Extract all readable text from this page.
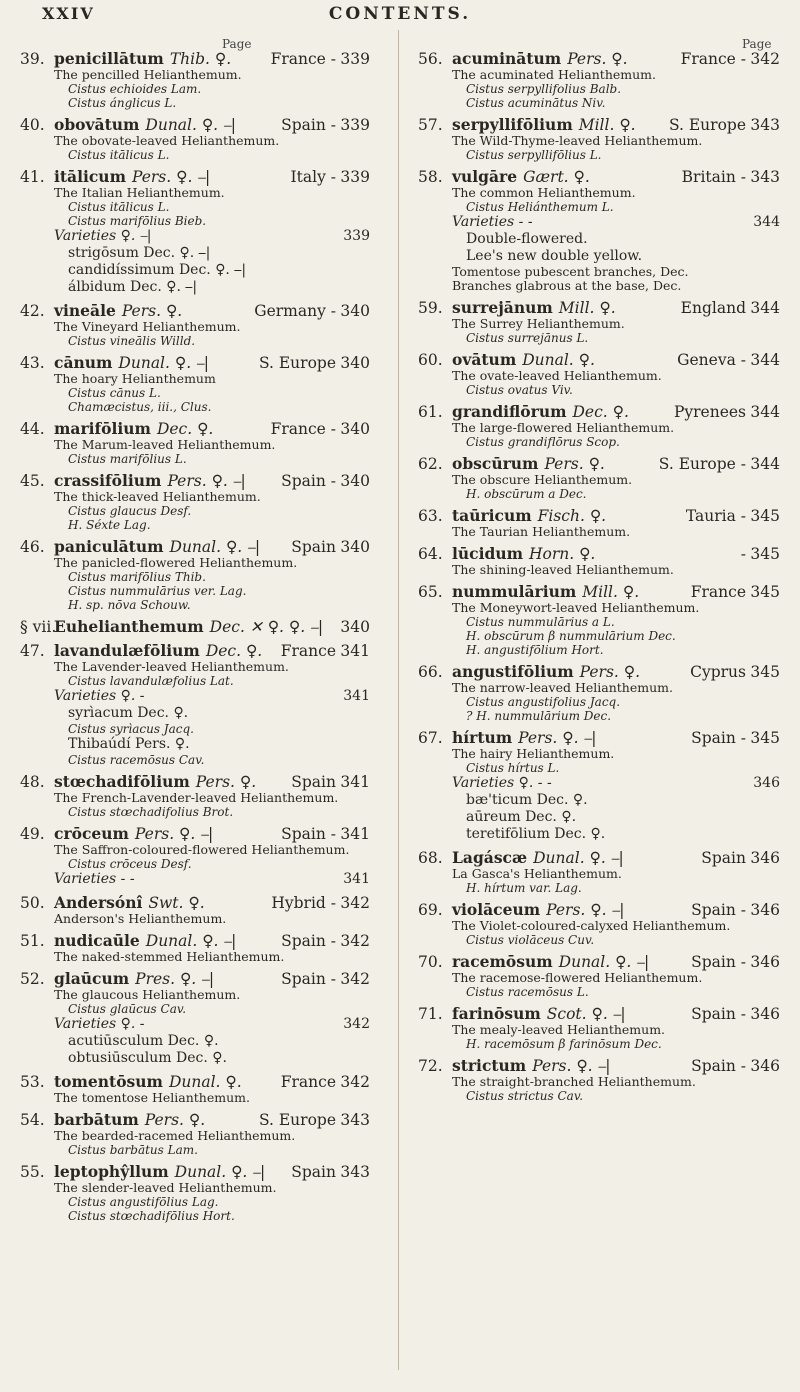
XXIV	CONTENTS.
Page	Page
39. penicillātum Thib. ♀.	France - 339
The pencilled Helianthemum.
Cistus echioides Lam.
Cistus ánglicus L.
40. obovātum Dunal. ♀. ⎯|	Spain - 339
The obovate-leaved Helianthemum.
Cistus itālicus L.
41. itālicum Pers. ♀. ⎯|	Italy - 339
The Italian Helianthemum.
Cistus itālicus L.
Cistus marifōlius Bieb.
Varieties ♀. ⎯|	339
strigōsum Dec. ♀. ⎯|
candidíssimum Dec. ♀. ⎯|
álbidum Dec. ♀. ⎯|
42. vineāle Pers. ♀.	Germany - 340
The Vineyard Helianthemum.
Cistus vineālis Willd.
43. cānum Dunal. ♀. ⎯|	S. Europe 340
The hoary Helianthemum
Cistus cānus L.
Chamæcistus, iii., Clus.
44. marifōlium Dec. ♀.	France - 340
The Marum-leaved Helianthemum.
Cistus marifōlius L.
45. crassifōlium Pers. ♀. ⎯| Spain - 340
The thick-leaved Helianthemum.
Cistus glaucus Desf.
H. Séxte Lag.
46. paniculātum Dunal. ♀. ⎯| Spain 340
The panicled-flowered Helianthemum.
Cistus marifōlius Thib.
Cistus nummulārius ver. Lag.
H. sp. nōva Schouw.
§ vii.
Euhelianthemum Dec. ✕ ♀. ♀. ⎯| 340
47. lavandulæfōlium Dec. ♀. France 341
The Lavender-leaved Helianthemum.
Cistus lavandulæfolius Lat.
Varieties ♀. -	341
syrìacum Dec. ♀.
Cistus syrìacus Jacq.
Thibaúdí Pers. ♀.
Cistus racemōsus Cav.
48. stœchadifōlium Pers. ♀. Spain 341
The French-Lavender-leaved Helianthemum.
Cistus stœchadifolius Brot.
49. crōceum Pers. ♀. ⎯|	Spain - 341
The Saffron-coloured-flowered Helianthemum.
Cistus crōceus Desf.
Varieties - -	341
50. Andersónî Swt. ♀.	Hybrid - 342
Anderson's Helianthemum.
51. nudicaūle Dunal. ♀. ⎯|	Spain - 342
The naked-stemmed Helianthemum.
52. glaūcum Pres. ♀. ⎯|	Spain - 342
The glaucous Helianthemum.
Cistus glaūcus Cav.
Varieties ♀. -	342
acutiūsculum Dec. ♀.
obtusiūsculum Dec. ♀.
53. tomentōsum Dunal. ♀.	France 342
The tomentose Helianthemum.
54. barbātum Pers. ♀.	S. Europe 343
The bearded-racemed Helianthemum.
Cistus barbātus Lam.
55. leptophŷllum Dunal. ♀. ⎯| Spain 343
The slender-leaved Helianthemum.
Cistus angustifōlius Lag.
Cistus stœchadifōlius Hort.
56. acuminātum Pers. ♀.	France - 342
The acuminated Helianthemum.
Cistus serpyllifolius Balb.
Cistus acuminātus Niv.
57. serpyllifōlium Mill. ♀. S. Europe 343
The Wild-Thyme-leaved Helianthemum.
Cistus serpyllifōlius L.
58. vulgāre Gært. ♀.	Britain - 343
The common Helianthemum.
Cistus Heliánthemum L.
Varieties - -	344
Double-flowered.
Lee's new double yellow.
Tomentose pubescent branches, Dec.
Branches glabrous at the base, Dec.
59. surrejānum Mill. ♀.	England 344
The Surrey Helianthemum.
Cistus surrejānus L.
60. ovātum Dunal. ♀.	Geneva - 344
The ovate-leaved Helianthemum.
Cistus ovatus Viv.
61. grandiflōrum Dec. ♀.	Pyrenees 344
The large-flowered Helianthemum.
Cistus grandiflōrus Scop.
62. obscūrum Pers. ♀.	S. Europe - 344
The obscure Helianthemum.
H. obscūrum a Dec.
63. taūricum Fisch. ♀.	Tauria - 345
The Taurian Helianthemum.
64. lūcidum Horn. ♀.	- 345
The shining-leaved Helianthemum.
65. nummulārium Mill. ♀.	France 345
The Moneywort-leaved Helianthemum.
Cistus nummulārius a L.
H. obscūrum β nummulārium Dec.
H. angustifōlium Hort.
66. angustifōlium Pers. ♀.	Cyprus 345
The narrow-leaved Helianthemum.
Cistus angustifolius Jacq.
? H. nummulārium Dec.
67. hírtum Pers. ♀. ⎯|	Spain - 345
The hairy Helianthemum.
Cistus hírtus L.
Varieties ♀. - -	346
bæ'ticum Dec. ♀.
aūreum Dec. ♀.
teretifōlium Dec. ♀.
68. Lagáscæ Dunal. ♀. ⎯|	Spain 346
La Gasca's Helianthemum.
H. hírtum var. Lag.
69. violāceum Pers. ♀. ⎯|	Spain - 346
The Violet-coloured-calyxed Helianthemum.
Cistus violāceus Cuv.
70. racemōsum Dunal. ♀. ⎯|	Spain - 346
The racemose-flowered Helianthemum.
Cistus racemōsus L.
71. farinōsum Scot. ♀. ⎯|	Spain - 346
The mealy-leaved Helianthemum.
H. racemōsum β farinōsum Dec.
72. strictum Pers. ♀. ⎯|	Spain - 346
The straight-branched Helianthemum.
Cistus strictus Cav.
